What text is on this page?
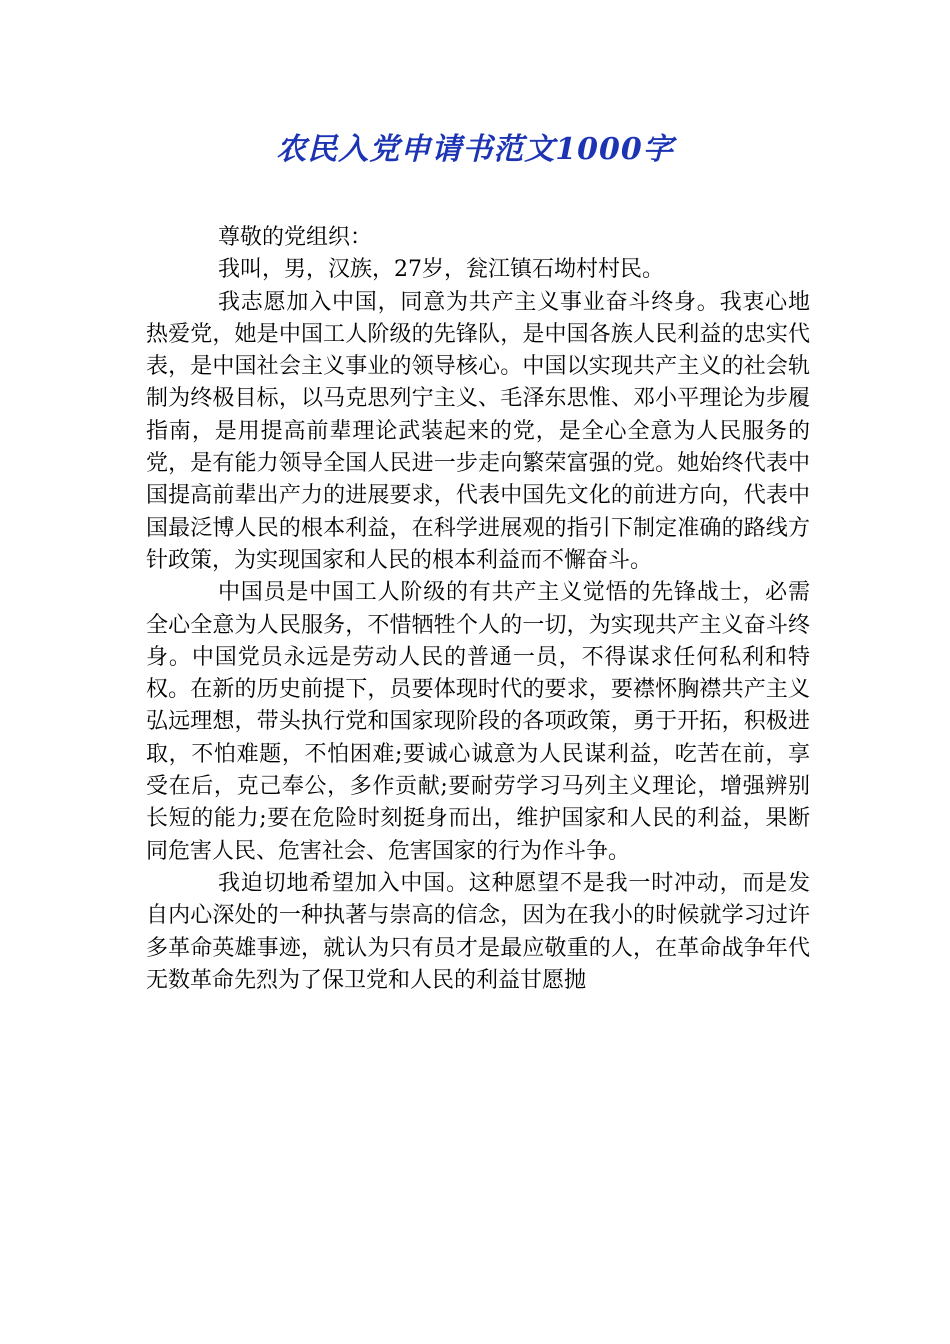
农民入党申请书范文1000字

尊敬的党组织：

我叫，男，汉族，27岁，瓮江镇石坳村村民。

我志愿加入中国，同意为共产主义事业奋斗终身。我衷心地热爱党，她是中国工人阶级的先锋队，是中国各族人民利益的忠实代表，是中国社会主义事业的领导核心。中国以实现共产主义的社会轨制为终极目标，以马克思列宁主义、毛泽东思惟、邓小平理论为步履指南，是用提高前辈理论武装起来的党，是全心全意为人民服务的党，是有能力领导全国人民进一步走向繁荣富强的党。她始终代表中国提高前辈出产力的进展要求，代表中国先文化的前进方向，代表中国最泛博人民的根本利益，在科学进展观的指引下制定准确的路线方针政策，为实现国家和人民的根本利益而不懈奋斗。

中国员是中国工人阶级的有共产主义觉悟的先锋战士，必需全心全意为人民服务，不惜牺牲个人的一切，为实现共产主义奋斗终身。中国党员永远是劳动人民的普通一员，不得谋求任何私利和特权。在新的历史前提下，员要体现时代的要求，要襟怀胸襟共产主义弘远理想，带头执行党和国家现阶段的各项政策，勇于开拓，积极进取，不怕难题，不怕困难;要诚心诚意为人民谋利益，吃苦在前，享受在后，克己奉公，多作贡献;要耐劳学习马列主义理论，增强辨别长短的能力;要在危险时刻挺身而出，维护国家和人民的利益，果断同危害人民、危害社会、危害国家的行为作斗争。

我迫切地希望加入中国。这种愿望不是我一时冲动，而是发自内心深处的一种执著与崇高的信念，因为在我小的时候就学习过许多革命英雄事迹，就认为只有员才是最应敬重的人，在革命战争年代无数革命先烈为了保卫党和人民的利益甘愿抛
